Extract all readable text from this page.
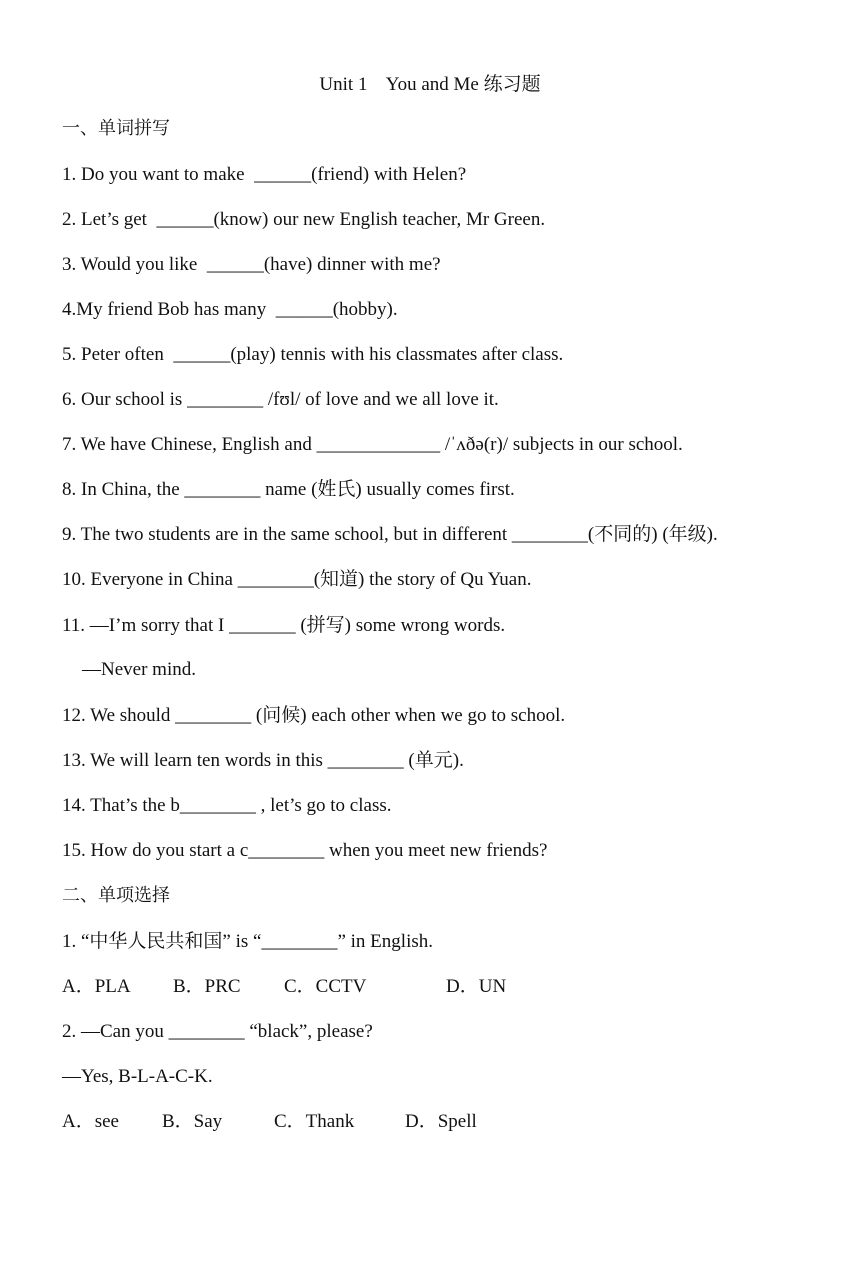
Unit 1    You and Me 练习题
一、单词拼写
1. Do you want to make  ______(friend) with Helen?
2. Let’s get  ______(know) our new English teacher, Mr Green.
3. Would you like  ______(have) dinner with me?
4.My friend Bob has many  ______(hobby).
5. Peter often  ______(play) tennis with his classmates after class.
6. Our school is ________ /fʊl/ of love and we all love it.
7. We have Chinese, English and _____________ /ˈʌðə(r)/ subjects in our school.
8. In China, the ________ name (姓氏) usually comes first.
9. The two students are in the same school, but in different ________(不同的) (年级).
10. Everyone in China ________(知道) the story of Qu Yuan.
11. —I’m sorry that I _______ (拼写) some wrong words.
—Never mind.
12. We should ________ (问候) each other when we go to school.
13. We will learn ten words in this ________ (单元).
14. That’s the b________ , let’s go to class.
15. How do you start a c________ when you meet new friends?
二、单项选择
1. “中华人民共和国” is “________” in English.

A．PLA

B．PRC

C．CCTV

	D．UN

2. —Can you ________ “black”, please?
—Yes, B-L-A-C-K.

A．see

B．Say

	C．Thank

	D．Spell
